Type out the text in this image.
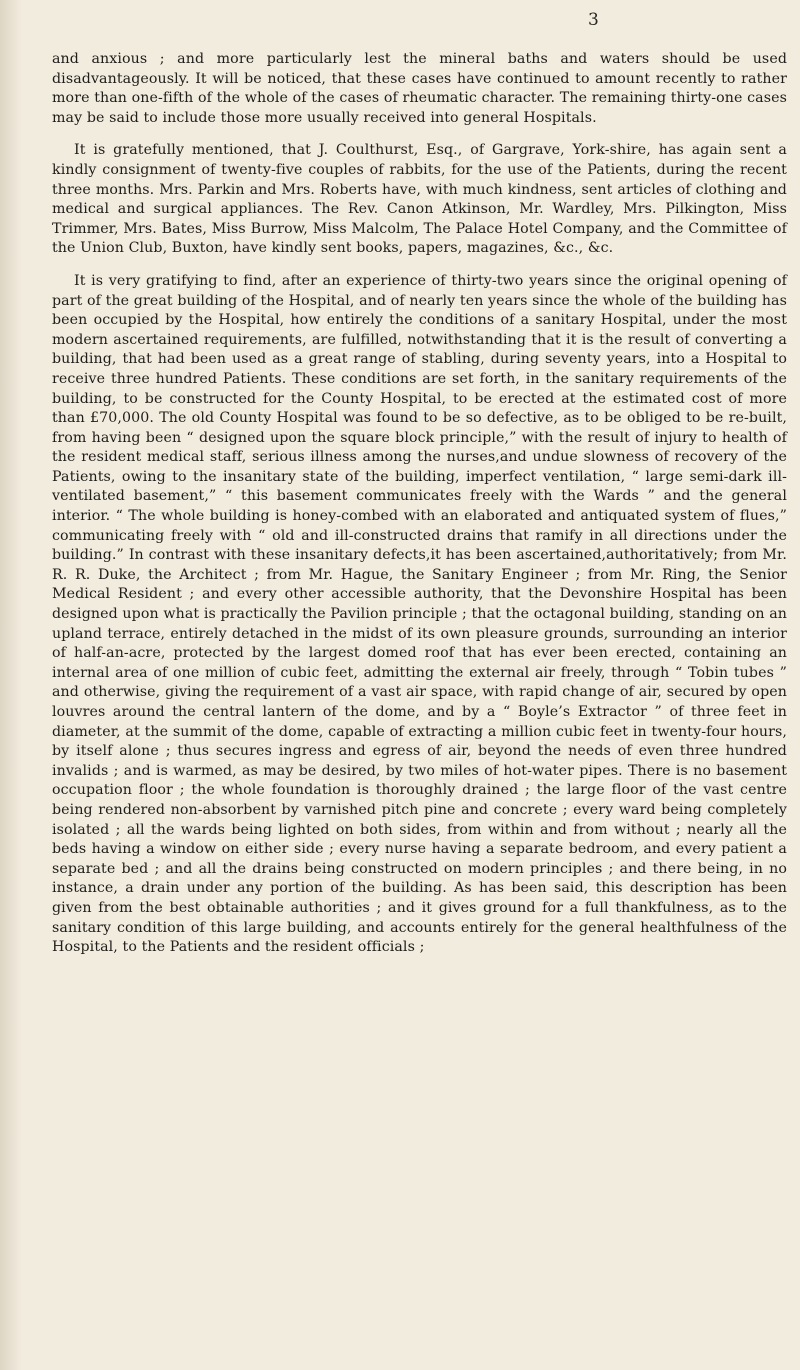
3

and anxious ; and more particularly lest the mineral baths and waters should be used disadvantageously. It will be noticed, that these cases have continued to amount recently to rather more than one-fifth of the whole of the cases of rheumatic character. The remaining thirty-one cases may be said to include those more usually received into general Hospitals.

It is gratefully mentioned, that J. Coulthurst, Esq., of Gargrave, York-shire, has again sent a kindly consignment of twenty-five couples of rabbits, for the use of the Patients, during the recent three months. Mrs. Parkin and Mrs. Roberts have, with much kindness, sent articles of clothing and medical and surgical appliances. The Rev. Canon Atkinson, Mr. Wardley, Mrs. Pilkington, Miss Trimmer, Mrs. Bates, Miss Burrow, Miss Malcolm, The Palace Hotel Company, and the Committee of the Union Club, Buxton, have kindly sent books, papers, magazines, &c., &c.

It is very gratifying to find, after an experience of thirty-two years since the original opening of part of the great building of the Hospital, and of nearly ten years since the whole of the building has been occupied by the Hospital, how entirely the conditions of a sanitary Hospital, under the most modern ascertained requirements, are fulfilled, notwithstanding that it is the result of converting a building, that had been used as a great range of stabling, during seventy years, into a Hospital to receive three hundred Patients. These conditions are set forth, in the sanitary requirements of the building, to be constructed for the County Hospital, to be erected at the estimated cost of more than £70,000. The old County Hospital was found to be so defective, as to be obliged to be re-built, from having been “ designed upon the square block principle,” with the result of injury to health of the resident medical staff, serious illness among the nurses,and undue slowness of recovery of the Patients, owing to the insanitary state of the building, imperfect ventilation, “ large semi-dark ill-ventilated basement,” “ this basement communicates freely with the Wards ” and the general interior. “ The whole building is honey-combed with an elaborated and antiquated system of flues,” communicating freely with “ old and ill-constructed drains that ramify in all directions under the building.” In contrast with these insanitary defects,it has been ascertained,authoritatively; from Mr. R. R. Duke, the Architect ; from Mr. Hague, the Sanitary Engineer ; from Mr. Ring, the Senior Medical Resident ; and every other accessible authority, that the Devonshire Hospital has been designed upon what is practically the Pavilion principle ; that the octagonal building, standing on an upland terrace, entirely detached in the midst of its own pleasure grounds, surrounding an interior of half-an-acre, protected by the largest domed roof that has ever been erected, containing an internal area of one million of cubic feet, admitting the external air freely, through “ Tobin tubes ” and otherwise, giving the requirement of a vast air space, with rapid change of air, secured by open louvres around the central lantern of the dome, and by a “ Boyle’s Extractor ” of three feet in diameter, at the summit of the dome, capable of extracting a million cubic feet in twenty-four hours, by itself alone ; thus secures ingress and egress of air, beyond the needs of even three hundred invalids ; and is warmed, as may be desired, by two miles of hot-water pipes. There is no basement occupation floor ; the whole foundation is thoroughly drained ; the large floor of the vast centre being rendered non-absorbent by varnished pitch pine and concrete ; every ward being completely isolated ; all the wards being lighted on both sides, from within and from without ; nearly all the beds having a window on either side ; every nurse having a separate bedroom, and every patient a separate bed ; and all the drains being constructed on modern principles ; and there being, in no instance, a drain under any portion of the building. As has been said, this description has been given from the best obtainable authorities ; and it gives ground for a full thankfulness, as to the sanitary condition of this large building, and accounts entirely for the general healthfulness of the Hospital, to the Patients and the resident officials ;
